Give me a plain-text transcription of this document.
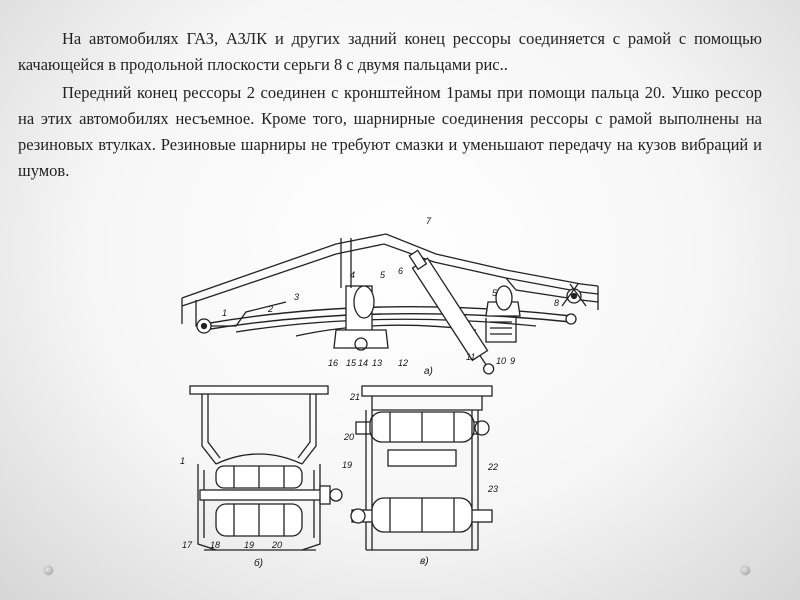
На автомобилях ГАЗ, АЗЛК и других задний конец рессоры соединяется с рамой с помощью качающейся в продольной плоскости серьги 8 с двумя пальцами рис..

Передний конец рессоры 2 соединен с кронштейном 1рамы при помощи пальца 20. Ушко рессор на этих автомобилях несъемное. Кроме того, шарнирные соединения рессоры с рамой выполнены на резиновых втулках. Резиновые шарниры не требуют смазки и уменьшают передачу на кузов вибраций и шумов.

1	2
3
4	5 6
7
5
8
16 15 14 13 12
11 10 9
а)
1
17 18	19 20
б)
21
20
19	22
23
в)
